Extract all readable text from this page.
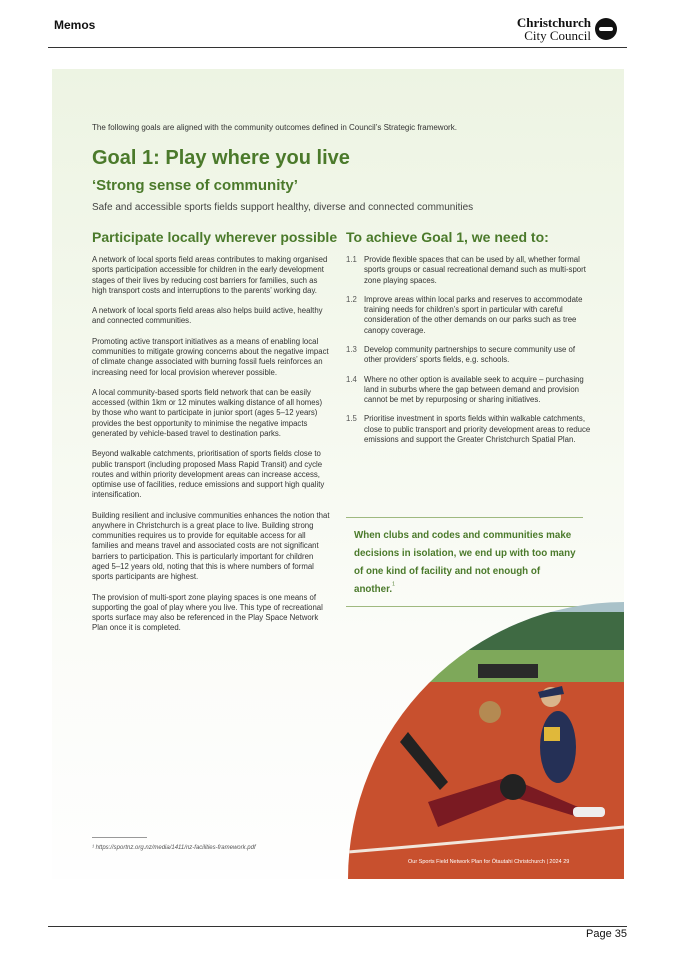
Memos	Christchurch
City Council
The following goals are aligned with the community outcomes defined in Council’s Strategic framework.
Goal 1: Play where you live
‘Strong sense of community’
Safe and accessible sports fields support healthy, diverse and connected communities
Participate locally wherever possible

A network of local sports field areas contributes to making organised sports participation accessible for children in the early development stages of their lives by reducing cost barriers for families, such as high transport costs and interruptions to the parents’ working day.

A network of local sports field areas also helps build active, healthy and connected communities.

Promoting active transport initiatives as a means of enabling local communities to mitigate growing concerns about the negative impact of climate change associated with burning fossil fuels reinforces an increasing need for local provision wherever possible.

A local community-based sports field network that can be easily accessed (within 1km or 12 minutes walking distance of all homes) by those who want to participate in junior sport (ages 5–12 years) provides the best opportunity to minimise the negative impacts generated by vehicle-based travel to destination parks.

Beyond walkable catchments, prioritisation of sports fields close to public transport (including proposed Mass Rapid Transit) and cycle routes and within priority development areas can increase access, optimise use of facilities, reduce emissions and support high quality intensification.

Building resilient and inclusive communities enhances the notion that anywhere in Christchurch is a great place to live. Building strong communities requires us to provide for equitable access for all families and means travel and associated costs are not significant barriers to participation. This is particularly important for children aged 5–12 years old, noting that this is where numbers of formal sports participants are highest.

The provision of multi-sport zone playing spaces is one means of supporting the goal of play where you live. This type of recreational sports surface may also be referenced in the Play Space Network Plan once it is completed.

To achieve Goal 1, we need to:
1.1 Provide flexible spaces that can be used by all, whether formal sports groups or casual recreational demand such as multi-sport zone playing spaces.
1.2 Improve areas within local parks and reserves to accommodate training needs for children’s sport in particular with careful consideration of the other demands on our parks such as tree canopy coverage.
1.3 Develop community partnerships to secure community use of other providers’ sports fields, e.g. schools.
1.4 Where no other option is available seek to acquire – purchasing land in suburbs where the gap between demand and provision cannot be met by repurposing or sharing initiatives.
1.5 Prioritise investment in sports fields within walkable catchments, close to public transport and priority development areas to reduce emissions and support the Greater Christchurch Spatial Plan.
When clubs and codes and communities make decisions in isolation, we end up with too many of one kind of facility and not enough of another.$^1$
¹ https://sportnz.org.nz/media/1411/nz-facilities-framework.pdf
Our Sports Field Network Plan for Ōtautahi Christchurch | 2024 29
Page 35
